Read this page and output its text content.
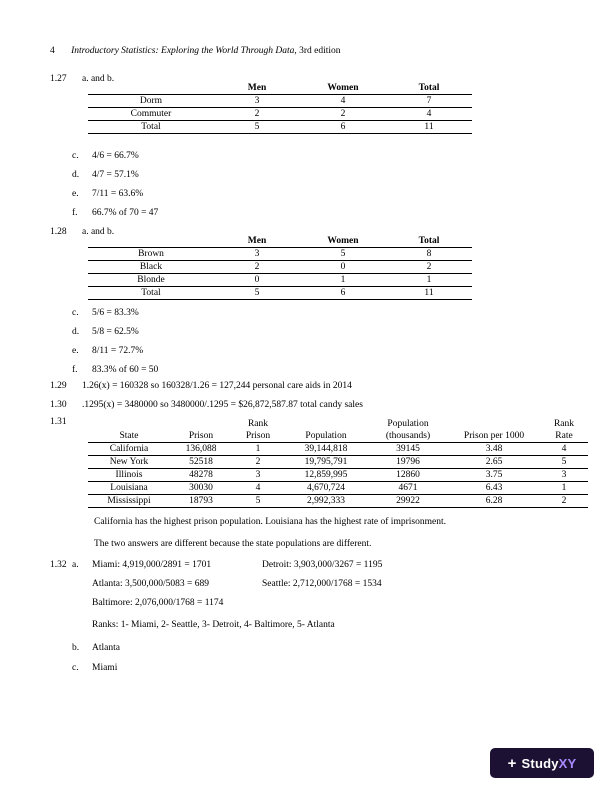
4 Introductory Statistics: Exploring the World Through Data, 3rd edition
1.27 a. and b.
	Men	Women	Total
Dorm	3	4	7
Commuter	2	2	4
Total	5	6	11
c. 4/6 = 66.7%
d. 4/7 = 57.1%
e. 7/11 = 63.6%
f. 66.7% of 70 = 47
1.28 a. and b.
	Men	Women	Total
Brown	3	5	8
Black	2	0	2
Blonde	0	1	1
Total	5	6	11
c. 5/6 = 83.3%
d. 5/8 = 62.5%
e. 8/11 = 72.7%
f. 83.3% of 60 = 50
1.29 1.26(x) = 160328 so 160328/1.26 = 127,244 personal care aids in 2014
1.30 .1295(x) = 3480000 so 3480000/.1295 = $26,872,587.87 total candy sales
1.31
			Rank		Population		Rank
State	Prison	Prison	Population	(thousands)	Prison per 1000	Rate
California	136,088	1	39,144,818	39145	3.48	4
New York	52518	2	19,795,791	19796	2.65	5
Illinois	48278	3	12,859,995	12860	3.75	3
Louisiana	30030	4	4,670,724	4671	6.43	1
Mississippi	18793	5	2,992,333	29922	6.28	2
California has the highest prison population. Louisiana has the highest rate of imprisonment.
The two answers are different because the state populations are different.
1.32 a. Miami: 4,919,000/2891 = 1701	Detroit: 3,903,000/3267 = 1195
Atlanta: 3,500,000/5083 = 689	Seattle: 2,712,000/1768 = 1534
Baltimore: 2,076,000/1768 = 1174
Ranks: 1- Miami, 2- Seattle, 3- Detroit, 4- Baltimore, 5- Atlanta
b. Atlanta
c. Miami
+ StudyXY
